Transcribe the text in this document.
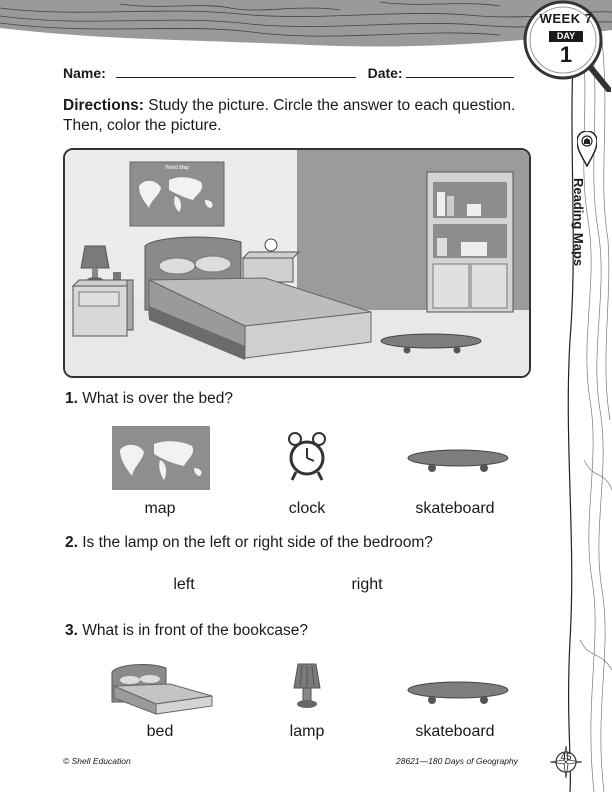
WEEK 7
DAY
1
Reading Maps
Name:	Date:
Directions: Study the picture. Circle the answer to each question. Then, color the picture.
World Map
1. What is over the bed?
map	clock	skateboard
2. Is the lamp on the left or right side of the bedroom?
left	right
3. What is in front of the bookcase?
bed	lamp	skateboard
© Shell Education	28621—180 Days of Geography	45
